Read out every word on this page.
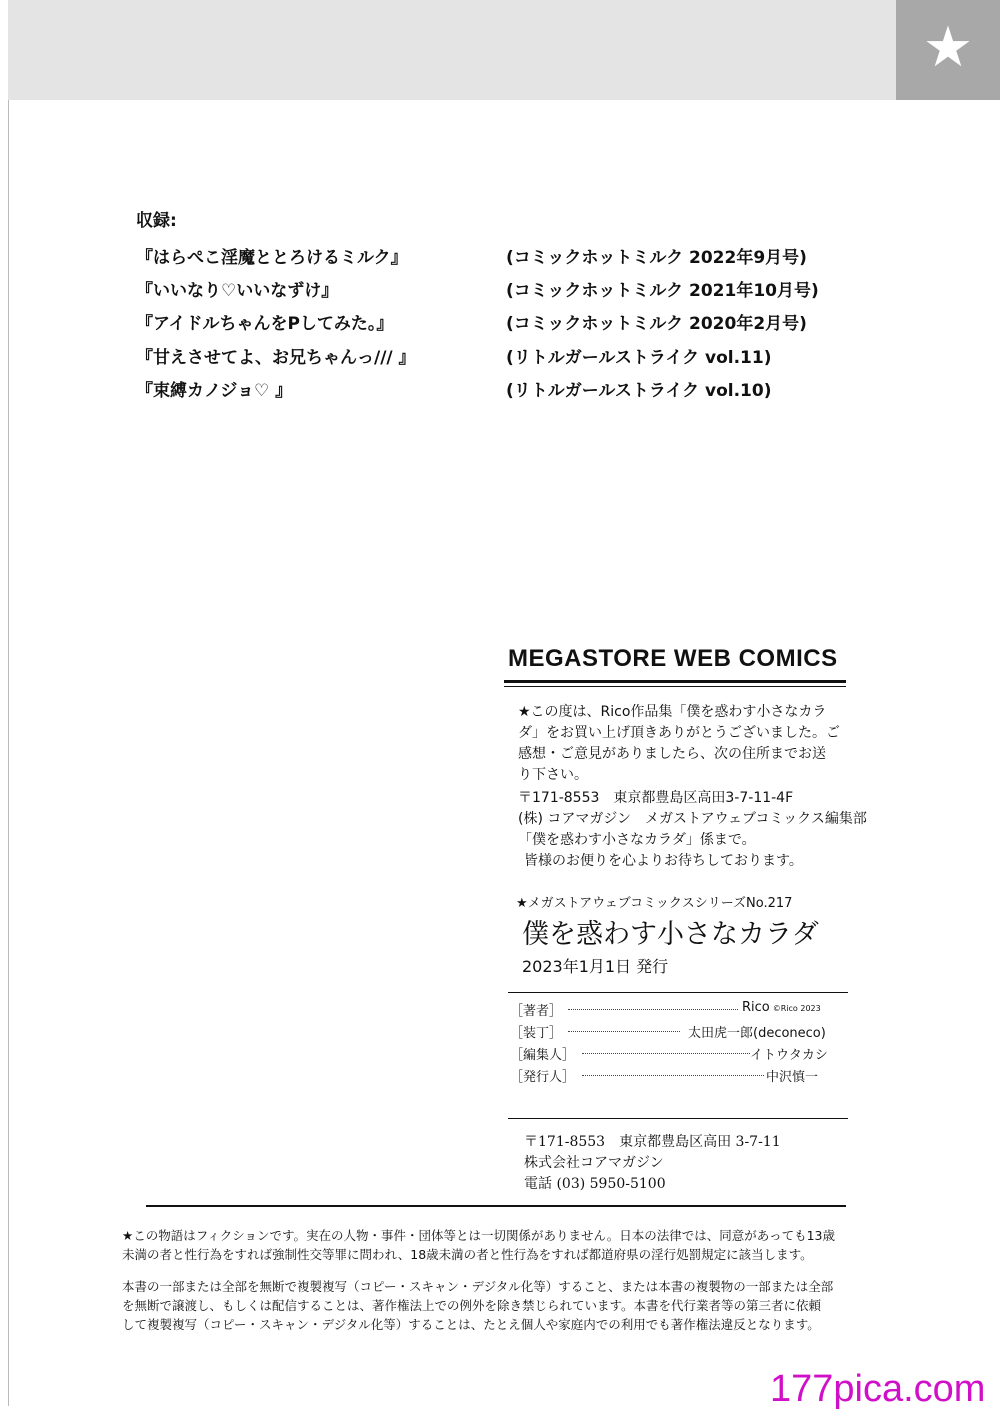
★
収録:
『はらぺこ淫魔ととろけるミルク』	(コミックホットミルク 2022年9月号)
『いいなり♡いいなずけ』	(コミックホットミルク 2021年10月号)
『アイドルちゃんをPしてみた。』	(コミックホットミルク 2020年2月号)
『甘えさせてよ、お兄ちゃんっ/// 』	(リトルガールストライク vol.11)
『束縛カノジョ♡ 』	(リトルガールストライク vol.10)
MEGASTORE WEB COMICS
★この度は、Rico作品集「僕を惑わす小さなカラ
ダ」をお買い上げ頂きありがとうございました。ご
感想・ご意見がありましたら、次の住所までお送
り下さい。
〒171-8553　東京都豊島区高田3-7-11-4F
(株) コアマガジン　メガストアウェブコミックス編集部
「僕を惑わす小さなカラダ」係まで。
皆様のお便りを心よりお待ちしております。
★メガストアウェブコミックスシリーズNo.217
僕を惑わす小さなカラダ
2023年1月1日 発行
［著者］	Rico ©Rico 2023
［装丁］	太田虎一郎(deconeco)
［編集人］	イトウタカシ
［発行人］	中沢慎一
〒171-8553　東京都豊島区高田 3-7-11
株式会社コアマガジン
電話 (03) 5950-5100
★この物語はフィクションです。実在の人物・事件・団体等とは一切関係がありません。日本の法律では、同意があっても13歳
未満の者と性行為をすれば強制性交等罪に問われ、18歳未満の者と性行為をすれば都道府県の淫行処罰規定に該当します。
本書の一部または全部を無断で複製複写（コピー・スキャン・デジタル化等）すること、または本書の複製物の一部または全部
を無断で譲渡し、もしくは配信することは、著作権法上での例外を除き禁じられています。本書を代行業者等の第三者に依頼
して複製複写（コピー・スキャン・デジタル化等）することは、たとえ個人や家庭内での利用でも著作権法違反となります。
177pica.com
